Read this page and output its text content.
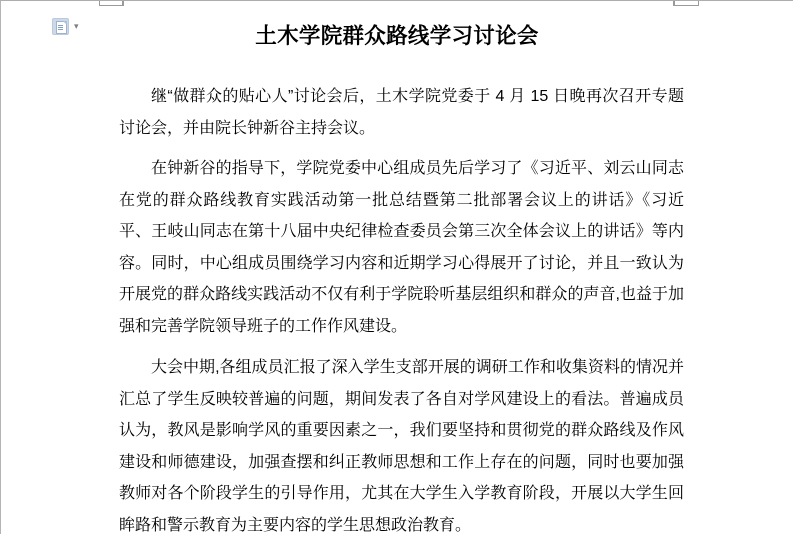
▾	土木学院群众路线学习讨论会

继“做群众的贴心人”讨论会后，土木学院党委于 4 月 15 日晚再次召开专题讨论会，并由院长钟新谷主持会议。

在钟新谷的指导下，学院党委中心组成员先后学习了《习近平、刘云山同志在党的群众路线教育实践活动第一批总结暨第二批部署会议上的讲话》《习近平、王岐山同志在第十八届中央纪律检查委员会第三次全体会议上的讲话》等内容。同时，中心组成员围绕学习内容和近期学习心得展开了讨论，并且一致认为开展党的群众路线实践活动不仅有利于学院聆听基层组织和群众的声音,也益于加强和完善学院领导班子的工作作风建设。

大会中期,各组成员汇报了深入学生支部开展的调研工作和收集资料的情况并汇总了学生反映较普遍的问题，期间发表了各自对学风建设上的看法。普遍成员认为，教风是影响学风的重要因素之一，我们要坚持和贯彻党的群众路线及作风建设和师德建设，加强查摆和纠正教师思想和工作上存在的问题，同时也要加强教师对各个阶段学生的引导作用，尤其在大学生入学教育阶段，开展以大学生回眸路和警示教育为主要内容的学生思想政治教育。
